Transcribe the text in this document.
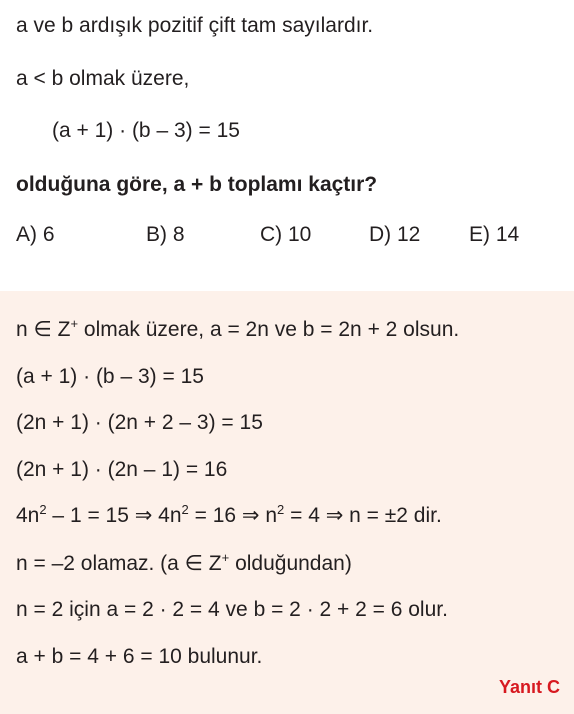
a ve b ardışık pozitif çift tam sayılardır.
a < b olmak üzere,
(a + 1) · (b – 3) = 15
olduğuna göre, a + b toplamı kaçtır?
A) 6	B) 8	C) 10	D) 12 E) 14
n ∈ Z+ olmak üzere, a = 2n ve b = 2n + 2 olsun.
(a + 1) · (b – 3) = 15
(2n + 1) · (2n + 2 – 3) = 15
(2n + 1) · (2n – 1) = 16
$4n^2 - 1 = 15$ ⇒ $4n^2 = 16$ ⇒ $n^2 = 4$ ⇒ n = ±2 dir.
n = –2 olamaz. (a ∈ Z+ olduğundan)
n = 2 için a = 2 · 2 = 4 ve b = 2 · 2 + 2 = 6 olur.
a + b = 4 + 6 = 10 bulunur.
Yanıt C
